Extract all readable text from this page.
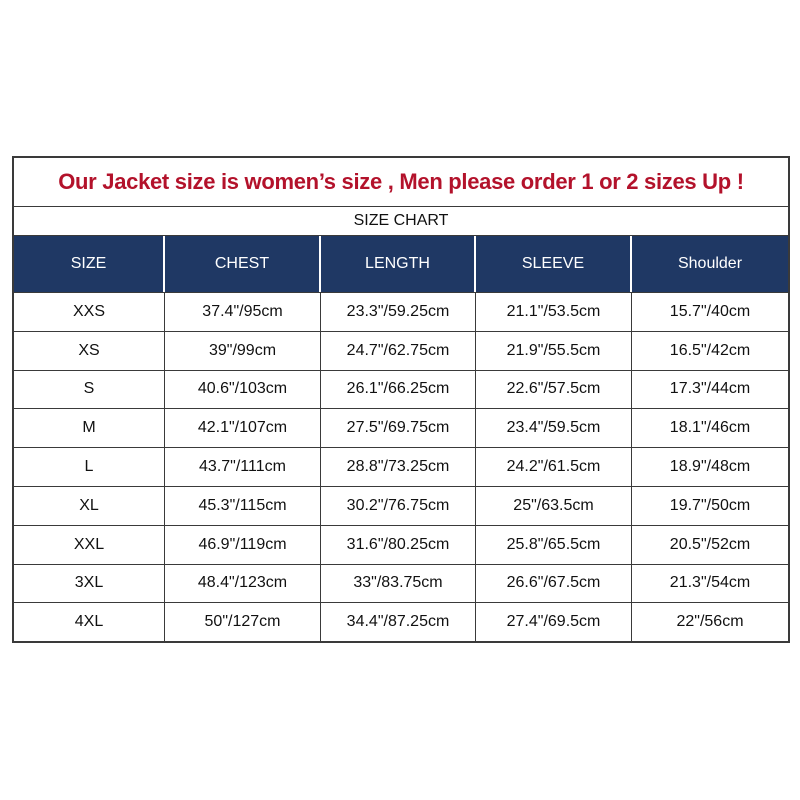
Our Jacket size is women’s size , Men please order 1 or 2 sizes Up !
SIZE CHART
SIZE	CHEST	LENGTH	SLEEVE	Shoulder
XXS	37.4"/95cm	23.3"/59.25cm	21.1"/53.5cm	15.7"/40cm
XS	39"/99cm	24.7"/62.75cm	21.9"/55.5cm	16.5"/42cm
S	40.6"/103cm	26.1"/66.25cm	22.6"/57.5cm	17.3"/44cm
M	42.1"/107cm	27.5"/69.75cm	23.4"/59.5cm	18.1"/46cm
L	43.7"/111cm	28.8"/73.25cm	24.2"/61.5cm	18.9"/48cm
XL	45.3"/115cm	30.2"/76.75cm	25"/63.5cm	19.7"/50cm
XXL	46.9"/119cm	31.6"/80.25cm	25.8"/65.5cm	20.5"/52cm
3XL	48.4"/123cm	33"/83.75cm	26.6"/67.5cm	21.3"/54cm
4XL	50"/127cm	34.4"/87.25cm	27.4"/69.5cm	22"/56cm
